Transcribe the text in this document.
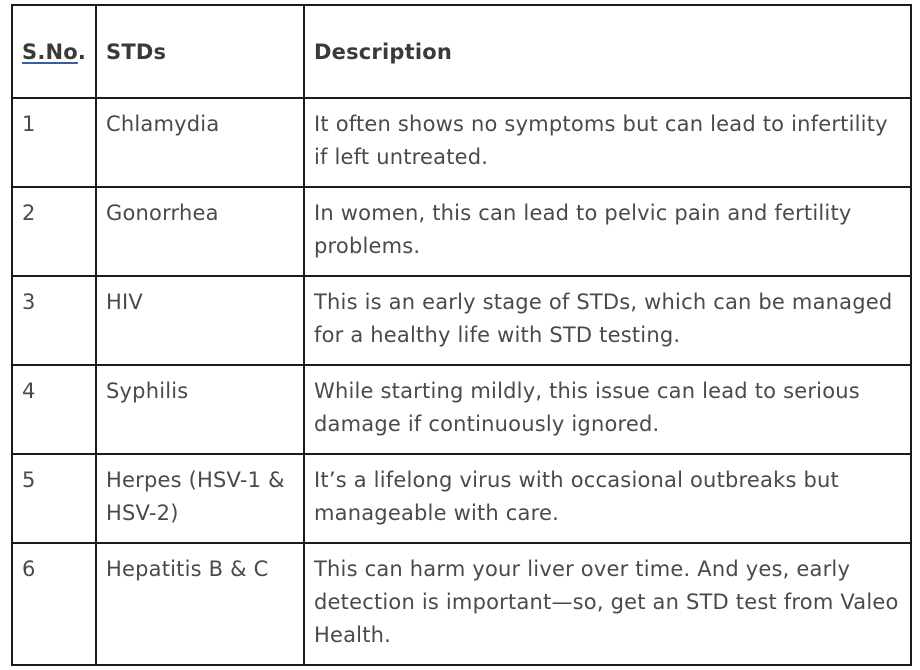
S.No.	STDs	Description
1	Chlamydia	It often shows no symptoms but can lead to infertility if left untreated.
2	Gonorrhea	In women, this can lead to pelvic pain and fertility problems.
3	HIV	This is an early stage of STDs, which can be managed for a healthy life with STD testing.
4	Syphilis	While starting mildly, this issue can lead to serious damage if continuously ignored.
5	Herpes (HSV-1 & HSV-2)	It’s a lifelong virus with occasional outbreaks but manageable with care.
6	Hepatitis B & C	This can harm your liver over time. And yes, early detection is important—so, get an STD test from Valeo Health.
